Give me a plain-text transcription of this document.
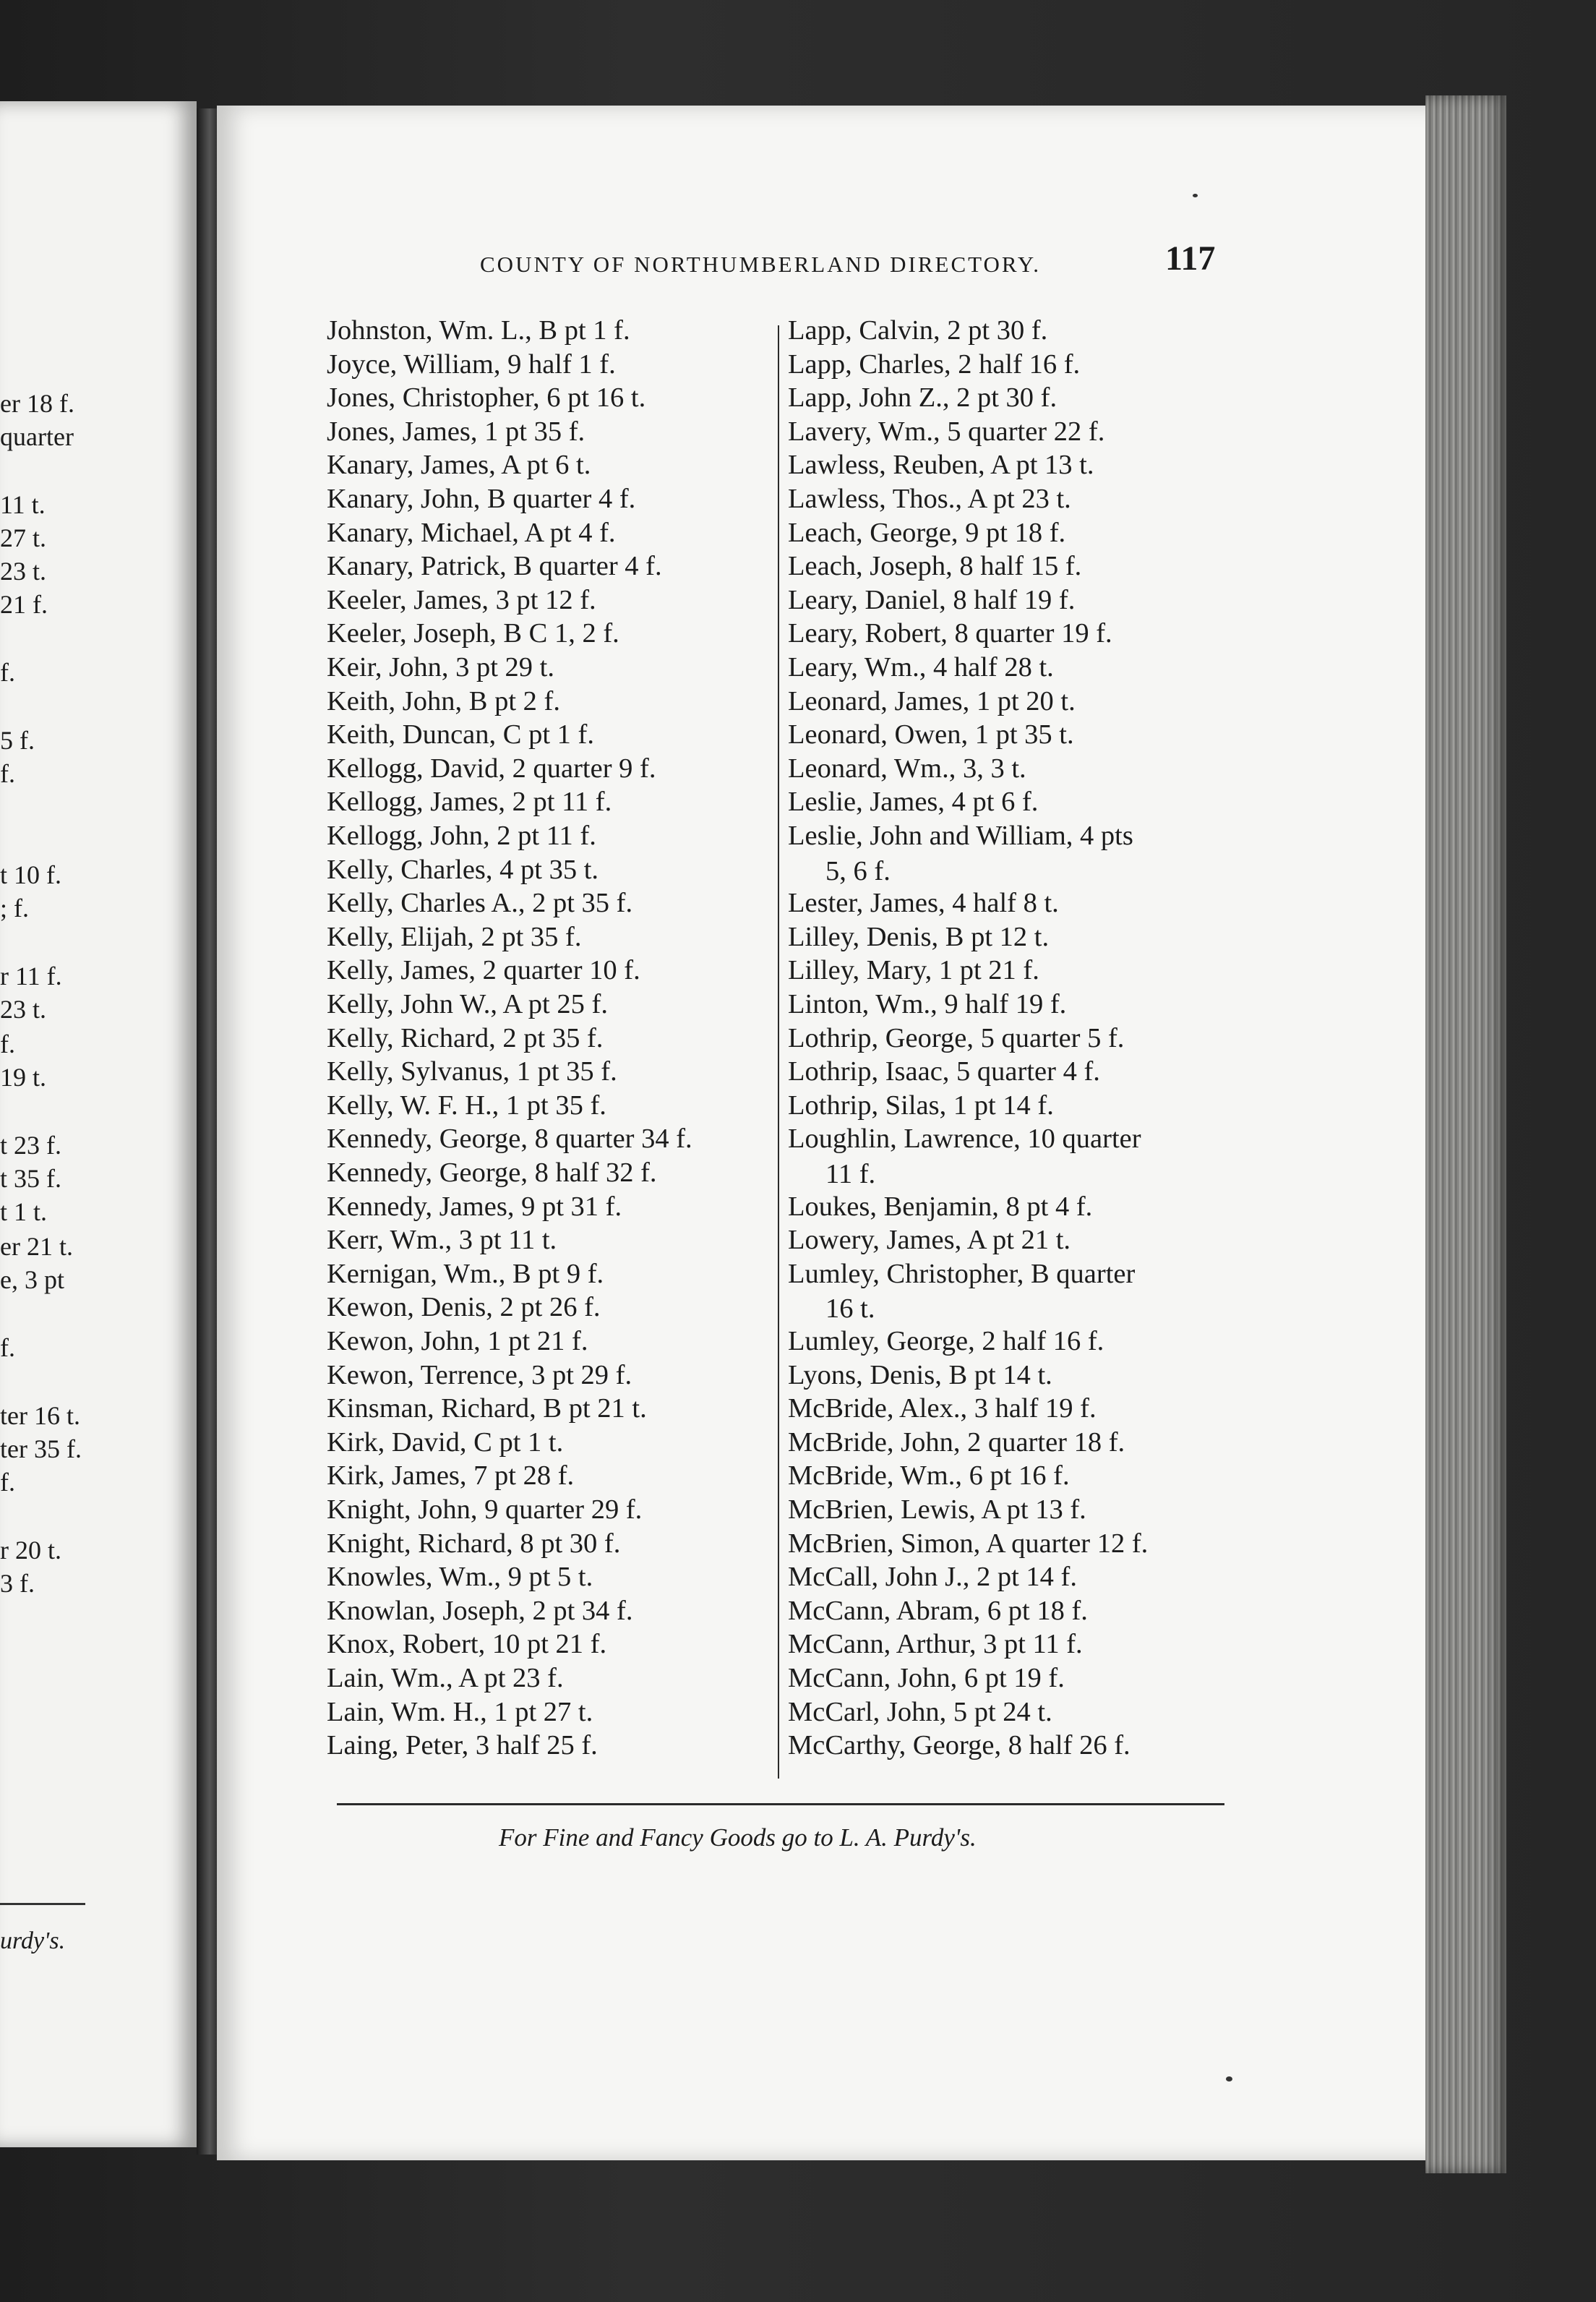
er 18 f.
quarter
11 t.
27 t.
23 t.
21 f.
f.
5 f.
f.
t 10 f.
; f.
r 11 f.
23 t.
f.
19 t.
t 23 f.
t 35 f.
t 1 t.
er 21 t.
e, 3 pt
f.
ter 16 t.
ter 35 f.
f.
r 20 t.
3 f.
urdy's.
COUNTY OF NORTHUMBERLAND DIRECTORY.	117
Johnston, Wm. L., B pt 1 f.
Joyce, William, 9 half 1 f.
Jones, Christopher, 6 pt 16 t.
Jones, James, 1 pt 35 f.
Kanary, James, A pt 6 t.
Kanary, John, B quarter 4 f.
Kanary, Michael, A pt 4 f.
Kanary, Patrick, B quarter 4 f.
Keeler, James, 3 pt 12 f.
Keeler, Joseph, B C 1, 2 f.
Keir, John, 3 pt 29 t.
Keith, John, B pt 2 f.
Keith, Duncan, C pt 1 f.
Kellogg, David, 2 quarter 9 f.
Kellogg, James, 2 pt 11 f.
Kellogg, John, 2 pt 11 f.
Kelly, Charles, 4 pt 35 t.
Kelly, Charles A., 2 pt 35 f.
Kelly, Elijah, 2 pt 35 f.
Kelly, James, 2 quarter 10 f.
Kelly, John W., A pt 25 f.
Kelly, Richard, 2 pt 35 f.
Kelly, Sylvanus, 1 pt 35 f.
Kelly, W. F. H., 1 pt 35 f.
Kennedy, George, 8 quarter 34 f.
Kennedy, George, 8 half 32 f.
Kennedy, James, 9 pt 31 f.
Kerr, Wm., 3 pt 11 t.
Kernigan, Wm., B pt 9 f.
Kewon, Denis, 2 pt 26 f.
Kewon, John, 1 pt 21 f.
Kewon, Terrence, 3 pt 29 f.
Kinsman, Richard, B pt 21 t.
Kirk, David, C pt 1 t.
Kirk, James, 7 pt 28 f.
Knight, John, 9 quarter 29 f.
Knight, Richard, 8 pt 30 f.
Knowles, Wm., 9 pt 5 t.
Knowlan, Joseph, 2 pt 34 f.
Knox, Robert, 10 pt 21 f.
Lain, Wm., A pt 23 f.
Lain, Wm. H., 1 pt 27 t.
Laing, Peter, 3 half 25 f.
Lapp, Calvin, 2 pt 30 f.
Lapp, Charles, 2 half 16 f.
Lapp, John Z., 2 pt 30 f.
Lavery, Wm., 5 quarter 22 f.
Lawless, Reuben, A pt 13 t.
Lawless, Thos., A pt 23 t.
Leach, George, 9 pt 18 f.
Leach, Joseph, 8 half 15 f.
Leary, Daniel, 8 half 19 f.
Leary, Robert, 8 quarter 19 f.
Leary, Wm., 4 half 28 t.
Leonard, James, 1 pt 20 t.
Leonard, Owen, 1 pt 35 t.
Leonard, Wm., 3, 3 t.
Leslie, James, 4 pt 6 f.
Leslie, John and William, 4 pts
5, 6 f.
Lester, James, 4 half 8 t.
Lilley, Denis, B pt 12 t.
Lilley, Mary, 1 pt 21 f.
Linton, Wm., 9 half 19 f.
Lothrip, George, 5 quarter 5 f.
Lothrip, Isaac, 5 quarter 4 f.
Lothrip, Silas, 1 pt 14 f.
Loughlin, Lawrence, 10 quarter
11 f.
Loukes, Benjamin, 8 pt 4 f.
Lowery, James, A pt 21 t.
Lumley, Christopher, B quarter
16 t.
Lumley, George, 2 half 16 f.
Lyons, Denis, B pt 14 t.
McBride, Alex., 3 half 19 f.
McBride, John, 2 quarter 18 f.
McBride, Wm., 6 pt 16 f.
McBrien, Lewis, A pt 13 f.
McBrien, Simon, A quarter 12 f.
McCall, John J., 2 pt 14 f.
McCann, Abram, 6 pt 18 f.
McCann, Arthur, 3 pt 11 f.
McCann, John, 6 pt 19 f.
McCarl, John, 5 pt 24 t.
McCarthy, George, 8 half 26 f.
For Fine and Fancy Goods go to L. A. Purdy's.
